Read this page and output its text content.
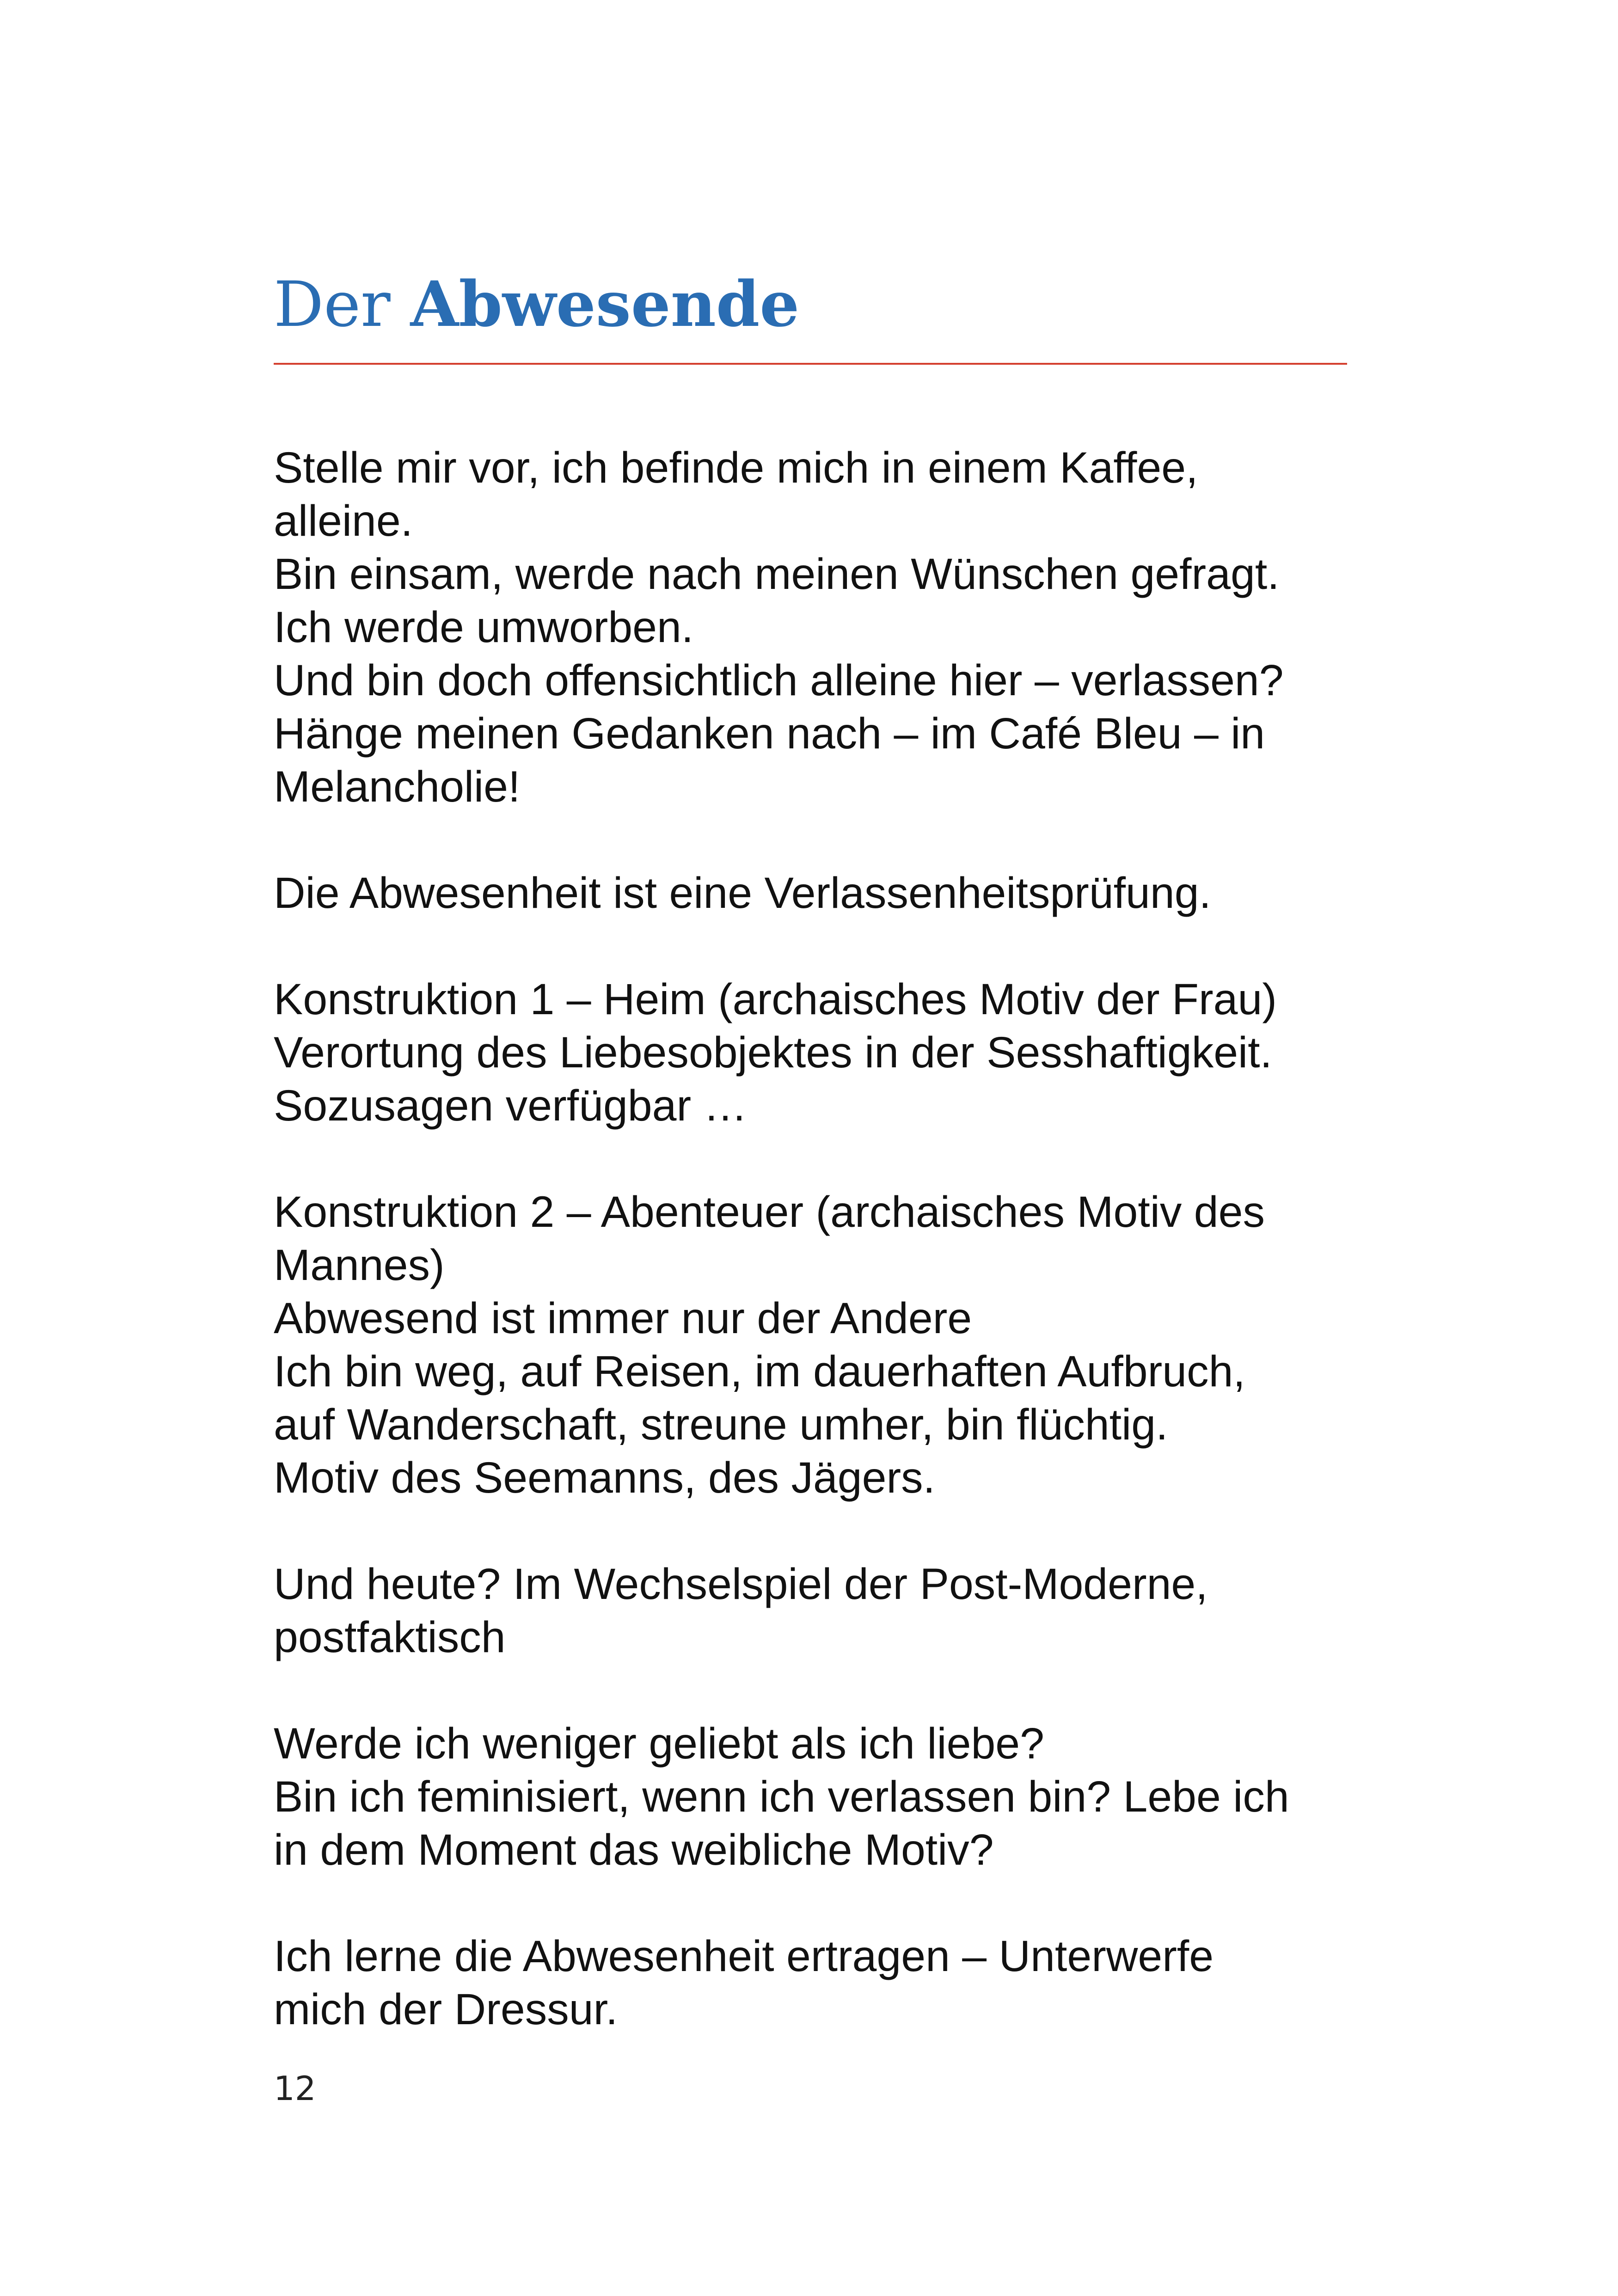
Der Abwesende
Stelle mir vor, ich befinde mich in einem Kaffee,
alleine.
Bin einsam, werde nach meinen Wünschen gefragt.
Ich werde umworben.
Und bin doch offensichtlich alleine hier – verlassen?
Hänge meinen Gedanken nach – im Café Bleu – in
Melancholie!
Die Abwesenheit ist eine Verlassenheitsprüfung.
Konstruktion 1 – Heim (archaisches Motiv der Frau)
Verortung des Liebesobjektes in der Sesshaftigkeit.
Sozusagen verfügbar …
Konstruktion 2 – Abenteuer (archaisches Motiv des
Mannes)
Abwesend ist immer nur der Andere
Ich bin weg, auf Reisen, im dauerhaften Aufbruch,
auf Wanderschaft, streune umher, bin flüchtig.
Motiv des Seemanns, des Jägers.
Und heute? Im Wechselspiel der Post-Moderne,
postfaktisch
Werde ich weniger geliebt als ich liebe?
Bin ich feminisiert, wenn ich verlassen bin? Lebe ich
in dem Moment das weibliche Motiv?
Ich lerne die Abwesenheit ertragen – Unterwerfe
mich der Dressur.
12
